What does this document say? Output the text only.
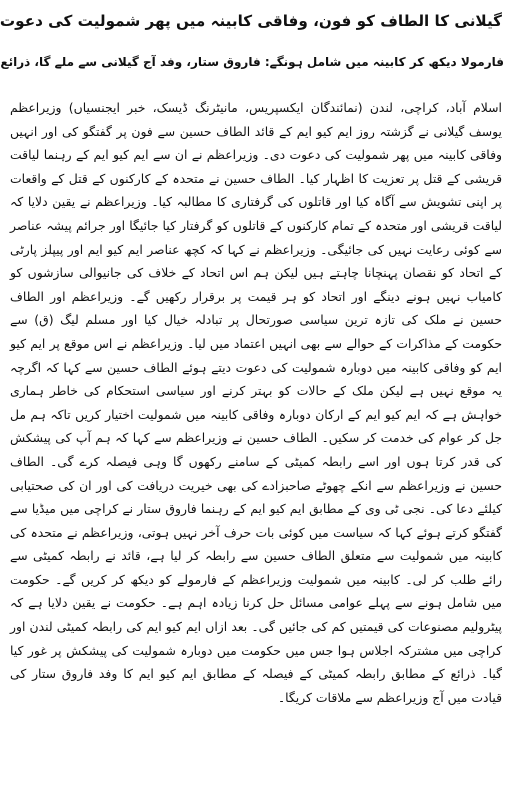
گیلانی کا الطاف کو فون، وفاقی کابینہ میں پھر شمولیت کی دعوت
فارمولا دیکھ کر کابینہ میں شامل ہونگے: فاروق ستار، وفد آج گیلانی سے ملے گا، ذرائع

اسلام آباد، کراچی، لندن (نمائندگان ایکسپریس، مانیٹرنگ ڈیسک، خبر ایجنسیاں) وزیراعظم یوسف گیلانی نے گزشتہ روز ایم کیو ایم کے قائد الطاف حسین سے فون پر گفتگو کی اور انہیں وفاقی کابینہ میں پھر شمولیت کی دعوت دی۔ وزیراعظم نے ان سے ایم کیو ایم کے رہنما لیاقت قریشی کے قتل پر تعزیت کا اظہار کیا۔ الطاف حسین نے متحدہ کے کارکنوں کے قتل کے واقعات پر اپنی تشویش سے آگاہ کیا اور قاتلوں کی گرفتاری کا مطالبہ کیا۔ وزیراعظم نے یقین دلایا کہ لیاقت قریشی اور متحدہ کے تمام کارکنوں کے قاتلوں کو گرفتار کیا جائیگا اور جرائم پیشہ عناصر سے کوئی رعایت نہیں کی جائیگی۔ وزیراعظم نے کہا کہ کچھ عناصر ایم کیو ایم اور پیپلز پارٹی کے اتحاد کو نقصان پہنچانا چاہتے ہیں لیکن ہم اس اتحاد کے خلاف کی جانیوالی سازشوں کو کامیاب نہیں ہونے دینگے اور اتحاد کو ہر قیمت پر برقرار رکھیں گے۔ وزیراعظم اور الطاف حسین نے ملک کی تازہ ترین سیاسی صورتحال پر تبادلہ خیال کیا اور مسلم لیگ (ق) سے حکومت کے مذاکرات کے حوالے سے بھی انہیں اعتماد میں لیا۔ وزیراعظم نے اس موقع پر ایم کیو ایم کو وفاقی کابینہ میں دوبارہ شمولیت کی دعوت دیتے ہوئے الطاف حسین سے کہا کہ اگرچہ یہ موقع نہیں ہے لیکن ملک کے حالات کو بہتر کرنے اور سیاسی استحکام کی خاطر ہماری خواہش ہے کہ ایم کیو ایم کے ارکان دوبارہ وفاقی کابینہ میں شمولیت اختیار کریں تاکہ ہم مل جل کر عوام کی خدمت کر سکیں۔ الطاف حسین نے وزیراعظم سے کہا کہ ہم آپ کی پیشکش کی قدر کرتا ہوں اور اسے رابطہ کمیٹی کے سامنے رکھوں گا وہی فیصلہ کرے گی۔ الطاف حسین نے وزیراعظم سے انکے چھوٹے صاحبزادے کی بھی خیریت دریافت کی اور ان کی صحتیابی کیلئے دعا کی۔ نجی ٹی وی کے مطابق ایم کیو ایم کے رہنما فاروق ستار نے کراچی میں میڈیا سے گفتگو کرتے ہوئے کہا کہ سیاست میں کوئی بات حرف آخر نہیں ہوتی، وزیراعظم نے متحدہ کی کابینہ میں شمولیت سے متعلق الطاف حسین سے رابطہ کر لیا ہے، قائد نے رابطہ کمیٹی سے رائے طلب کر لی۔ کابینہ میں شمولیت وزیراعظم کے فارمولے کو دیکھ کر کریں گے۔ حکومت میں شامل ہونے سے پہلے عوامی مسائل حل کرنا زیادہ اہم ہے۔ حکومت نے یقین دلایا ہے کہ پیٹرولیم مصنوعات کی قیمتیں کم کی جائیں گی۔ بعد ازاں ایم کیو ایم کی رابطہ کمیٹی لندن اور کراچی میں مشترکہ اجلاس ہوا جس میں حکومت میں دوبارہ شمولیت کی پیشکش پر غور کیا گیا۔ ذرائع کے مطابق رابطہ کمیٹی کے فیصلہ کے مطابق ایم کیو ایم کا وفد فاروق ستار کی قیادت میں آج وزیراعظم سے ملاقات کریگا۔
